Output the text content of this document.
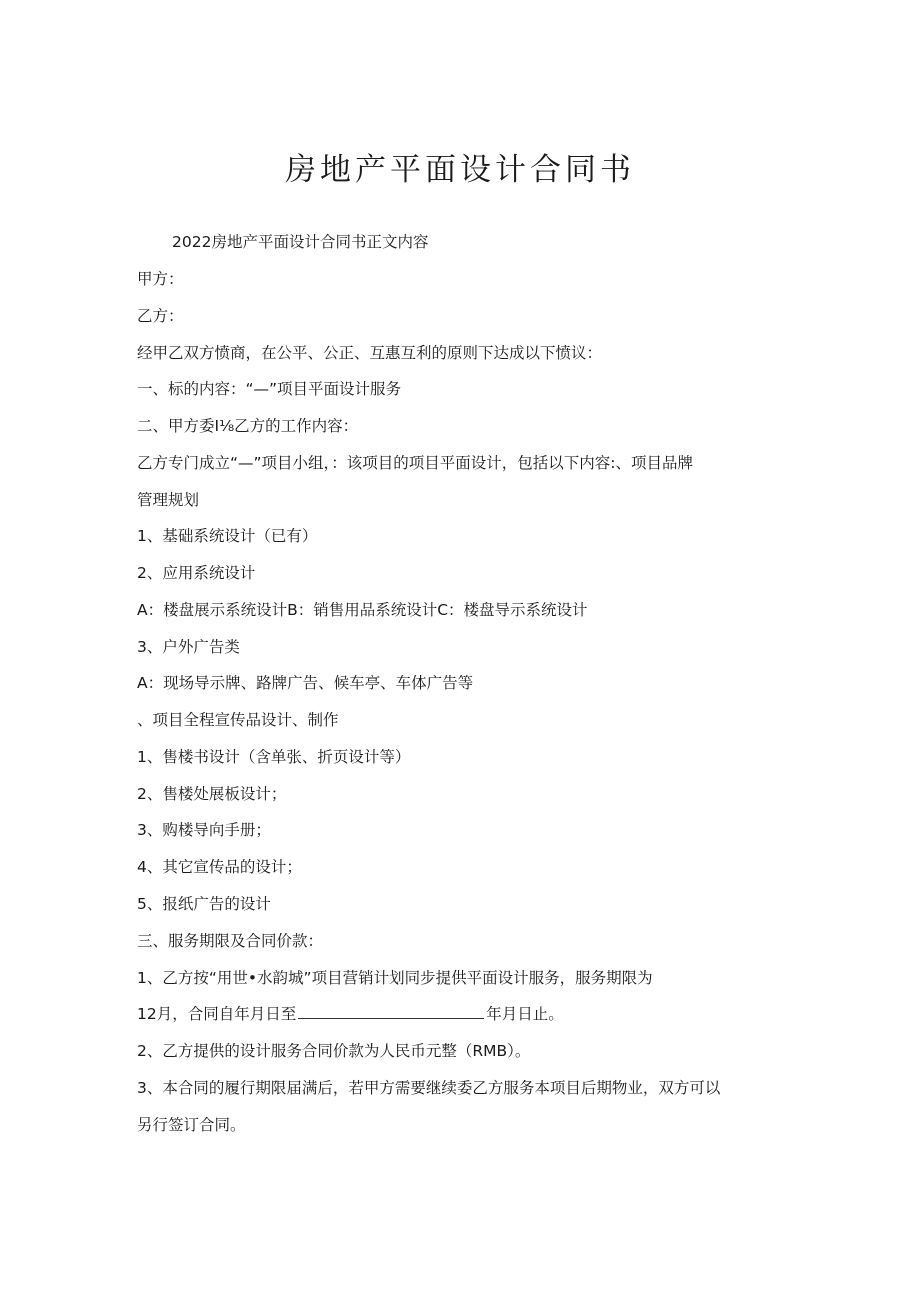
房地产平面设计合同书
2022房地产平面设计合同书正文内容
甲方：
乙方：
经甲乙双方愤商，在公平、公正、互惠互利的原则下达成以下愤议：
一、标的内容：“—”项目平面设计服务
二、甲方委I⅛乙方的工作内容：
乙方专门成立“—”项目小组，：该项目的项目平面设计，包括以下内容:、项目品牌
管理规划
1、基础系统设计（已有）
2、应用系统设计
A：楼盘展示系统设计B：销售用品系统设计C：楼盘导示系统设计
3、户外广告类
A：现场导示牌、路牌广告、候车亭、车体广告等
、项目全程宣传品设计、制作
1、售楼书设计（含单张、折页设计等）
2、售楼处展板设计；
3、购楼导向手册；
4、其它宣传品的设计；
5、报纸广告的设计
三、服务期限及合同价款：
1、乙方按“用世•水韵城”项目营销计划同步提供平面设计服务，服务期限为
12月，合同自年月日至	年月日止。
2、乙方提供的设计服务合同价款为人民币元整（RMB）。
3、本合同的履行期限届满后，若甲方需要继续委乙方服务本项目后期物业，双方可以
另行签订合同。
